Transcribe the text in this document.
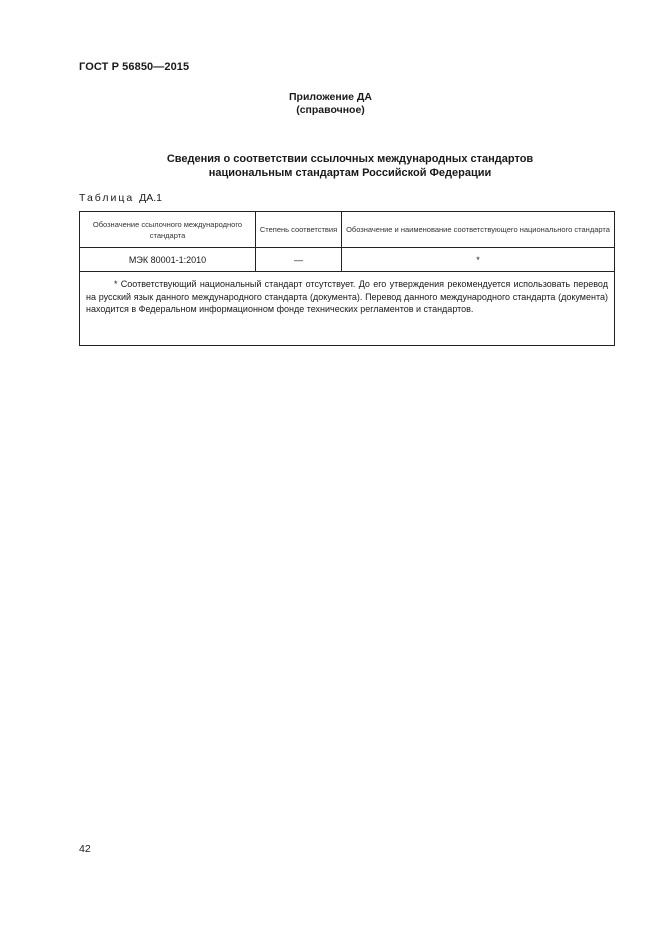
ГОСТ Р 56850—2015
Приложение ДА
(справочное)
Сведения о соответствии ссылочных международных стандартов
национальным стандартам Российской Федерации
Таблица ДА.1
Обозначение ссылочного международного стандарта	Степень соответствия	Обозначение и наименование соответствующего национального стандарта
МЭК 80001-1:2010	—	*

* Соответствующий национальный стандарт отсутствует. До его утверждения рекомендуется использовать перевод на русский язык данного международного стандарта (документа). Перевод данного международного стандарта (документа) находится в Федеральном информационном фонде технических регламентов и стандартов.		
42
